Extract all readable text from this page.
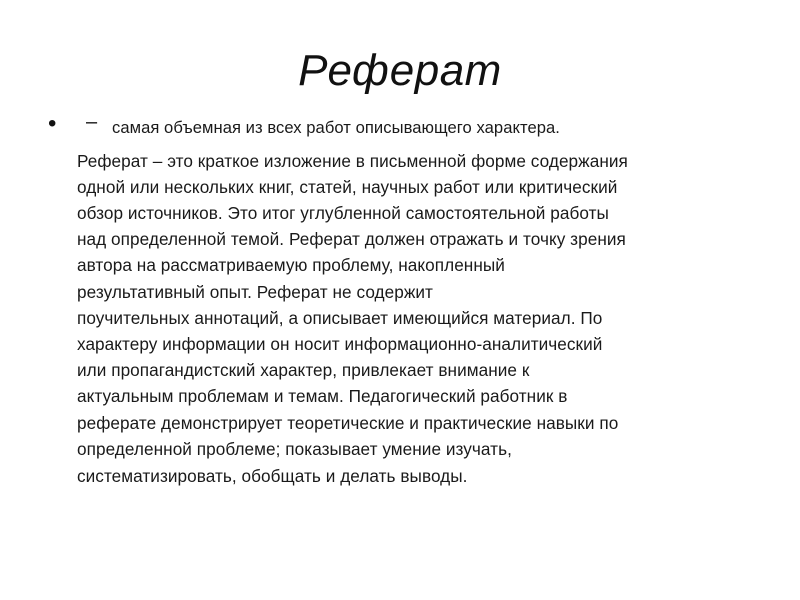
Реферат
• – самая объемная из всех работ описывающего характера.
Реферат – это краткое изложение в письменной форме содержания
одной или нескольких книг, статей, научных работ или критический
обзор источников. Это итог углубленной самостоятельной работы
над определенной темой. Реферат должен отражать и точку зрения
автора на рассматриваемую проблему, накопленный
результативный опыт. Реферат не содержит
поучительных аннотаций, а описывает имеющийся материал. По
характеру информации он носит информационно-аналитический
или пропагандистский характер, привлекает внимание к
актуальным проблемам и темам. Педагогический работник в
реферате демонстрирует теоретические и практические навыки по
определенной проблеме; показывает умение изучать,
систематизировать, обобщать и делать выводы.
